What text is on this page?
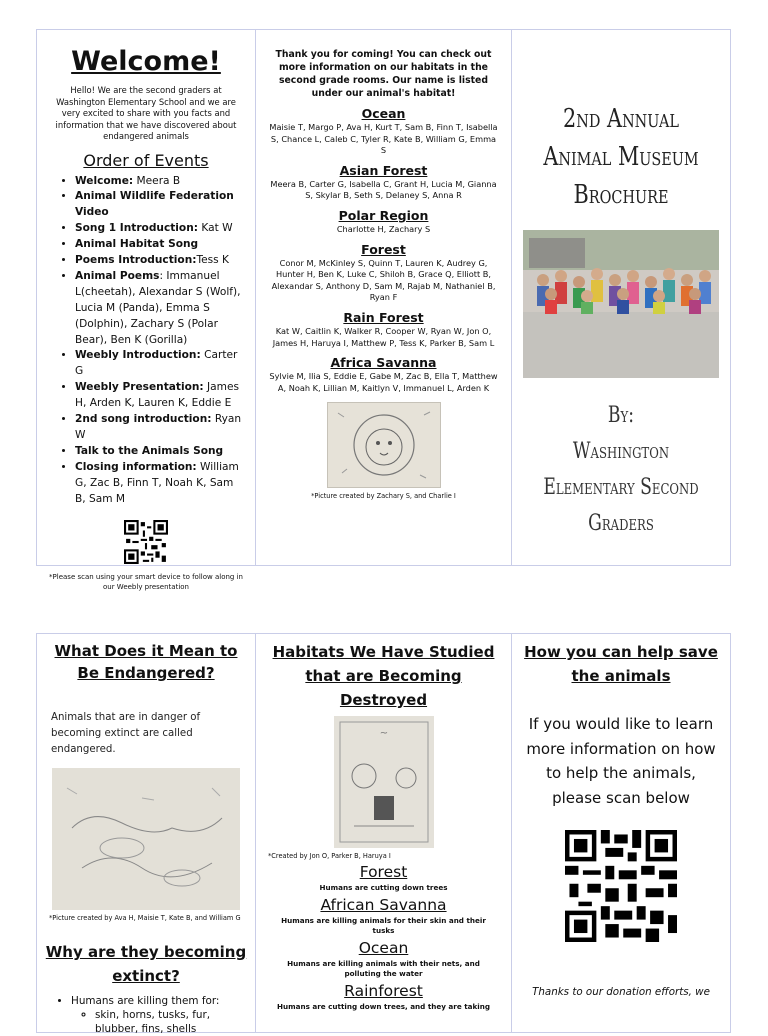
Welcome!
Hello! We are the second graders at Washington Elementary School and we are very excited to share with you facts and information that we have discovered about endangered animals
Order of Events
• Welcome: Meera B
• Animal Wildlife Federation Video
• Song 1 Introduction: Kat W
• Animal Habitat Song
• Poems Introduction:Tess K
• Animal Poems: Immanuel L(cheetah), Alexandar S (Wolf), Lucia M (Panda), Emma S (Dolphin), Zachary S (Polar Bear), Ben K (Gorilla)
• Weebly Introduction: Carter G
• Weebly Presentation: James H, Arden K, Lauren K, Eddie E
• 2nd song introduction: Ryan W
• Talk to the Animals Song
• Closing information: William G, Zac B, Finn T, Noah K, Sam B, Sam M
*Please scan using your smart device to follow along in our Weebly presentation
Thank you for coming! You can check out more information on our habitats in the second grade rooms. Our name is listed under our animal's habitat!
Ocean
Maisie T, Margo P, Ava H, Kurt T, Sam B, Finn T, Isabella S, Chance L, Caleb C, Tyler R, Kate B, William G, Emma S
Asian Forest
Meera B, Carter G, Isabella C, Grant H, Lucia M, Gianna S, Skylar B, Seth S, Delaney S, Anna R
Polar Region
Charlotte H, Zachary S
Forest
Conor M, McKinley S, Quinn T, Lauren K, Audrey G, Hunter H, Ben K, Luke C, Shiloh B, Grace Q, Elliott B, Alexandar S, Anthony D, Sam M, Rajab M, Nathaniel B, Ryan F
Rain Forest
Kat W, Caitlin K, Walker R, Cooper W, Ryan W, Jon O, James H, Haruya I, Matthew P, Tess K, Parker B, Sam L
Africa Savanna
Sylvie M, Ilia S, Eddie E, Gabe M, Zac B, Ella T, Matthew A, Noah K, Lillian M, Kaitlyn V, Immanuel L, Arden K
*Picture created by Zachary S, and Charlie I
2nd Annual Animal Museum Brochure
By:
Washington Elementary Second Graders
What Does it Mean to Be Endangered?
Animals that are in danger of becoming extinct are called endangered.
*Picture created by Ava H, Maisie T, Kate B, and William G
Why are they becoming extinct?
• Humans are killing them for:
◦ skin, horns, tusks, fur, blubber, fins, shells
Habitats We Have Studied that are Becoming Destroyed
~
*Created by Jon O, Parker B, Haruya I
Forest
Humans are cutting down trees
African Savanna
Humans are killing animals for their skin and their tusks
Ocean
Humans are killing animals with their nets, and polluting the water
Rainforest
Humans are cutting down trees, and they are taking
How you can help save the animals
If you would like to learn more information on how to help the animals, please scan below
Thanks to our donation efforts, we
